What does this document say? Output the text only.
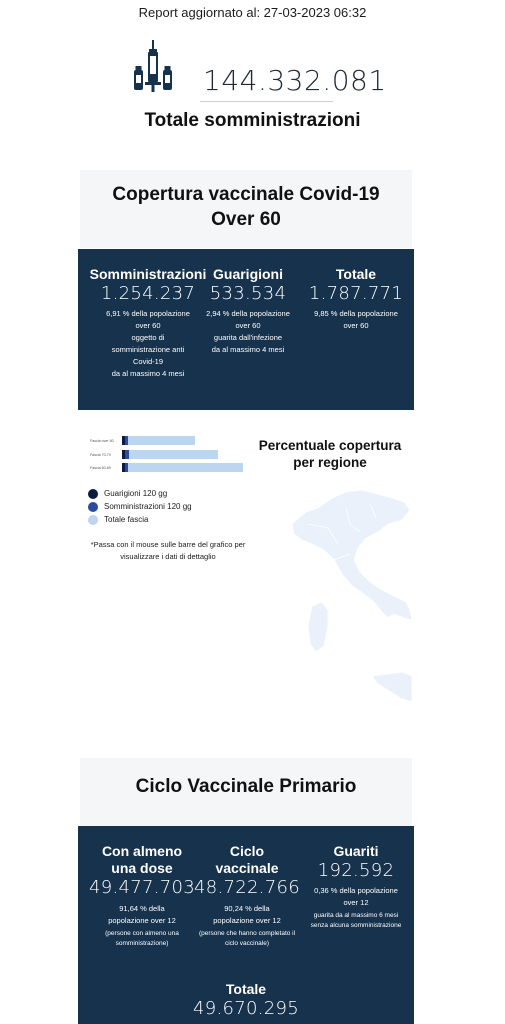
Report aggiornato al: 27-03-2023 06:32
144.332.081
Totale somministrazioni
Copertura vaccinale Covid-19
Over 60
Somministrazioni
1.254.237
6,91 % della popolazione
over 60
oggetto di
somministrazione anti
Covid-19
da al massimo 4 mesi
Guarigioni
533.534
2,94 % della popolazione
over 60
guarita dall'infezione
da al massimo 4 mesi
Totale
1.787.771
9,85 % della popolazione
over 60
Fascia over 80
Fascia 70-79
Fascia 60-69
Guarigioni 120 gg
Somministrazioni 120 gg
Totale fascia
*Passa con il mouse sulle barre del grafico per visualizzare i dati di dettaglio
Percentuale copertura per regione
Ciclo Vaccinale Primario
Con almeno
una dose
49.477.703
91,64 % della
popolazione over 12
(persone con almeno una somministrazione)
Ciclo
vaccinale
48.722.766
90,24 % della
popolazione over 12
(persone che hanno completato il ciclo vaccinale)
Guariti
192.592
0,36 % della popolazione
over 12
guarita da al massimo 6 mesi senza alcuna somministrazione
Totale
49.670.295
